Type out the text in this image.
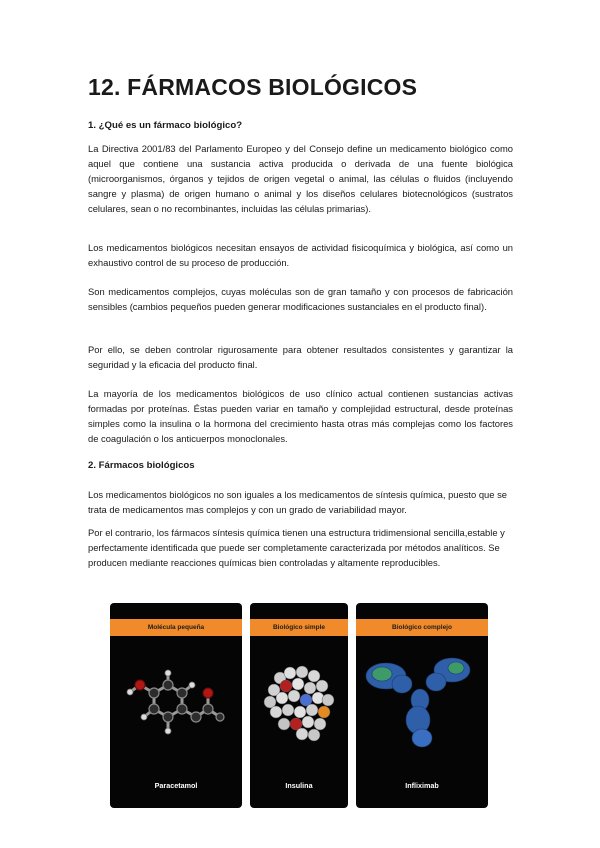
12. FÁRMACOS BIOLÓGICOS
1. ¿Qué es un fármaco biológico?

La Directiva 2001/83 del Parlamento Europeo y del Consejo define un medicamento biológico como aquel que contiene una sustancia activa producida o derivada de una fuente biológica (microorganismos, órganos y tejidos de origen vegetal o animal, las células o fluidos (incluyendo sangre y plasma) de origen humano o animal y los diseños celulares biotecnológicos (sustratos celulares, sean o no recombinantes, incluidas las células primarias).

Los medicamentos biológicos necesitan ensayos de actividad fisicoquímica y biológica, así como un exhaustivo control de su proceso de producción.

Son medicamentos complejos, cuyas moléculas son de gran tamaño y con procesos de fabricación sensibles (cambios pequeños pueden generar modificaciones sustanciales en el producto final).

Por ello, se deben controlar rigurosamente para obtener resultados consistentes y garantizar la seguridad y la eficacia del producto final.

La mayoría de los medicamentos biológicos de uso clínico actual contienen sustancias activas formadas por proteínas. Éstas pueden variar en tamaño y complejidad estructural, desde proteínas simples como la insulina o la hormona del crecimiento hasta otras más complejas como los factores de coagulación o los anticuerpos monoclonales.

2. Fármacos biológicos

Los medicamentos biológicos no son iguales a los medicamentos de síntesis química, puesto que se trata de medicamentos mas complejos y con un grado de variabilidad mayor.

Por el contrario, los fármacos síntesis química tienen una estructura tridimensional sencilla,estable y perfectamente identificada que puede ser completamente caracterizada por métodos analíticos. Se producen mediante reacciones químicas bien controladas y altamente reproducibles.

Molécula pequeña
Paracetamol
Biológico simple
Insulina
Biológico complejo
Infliximab
